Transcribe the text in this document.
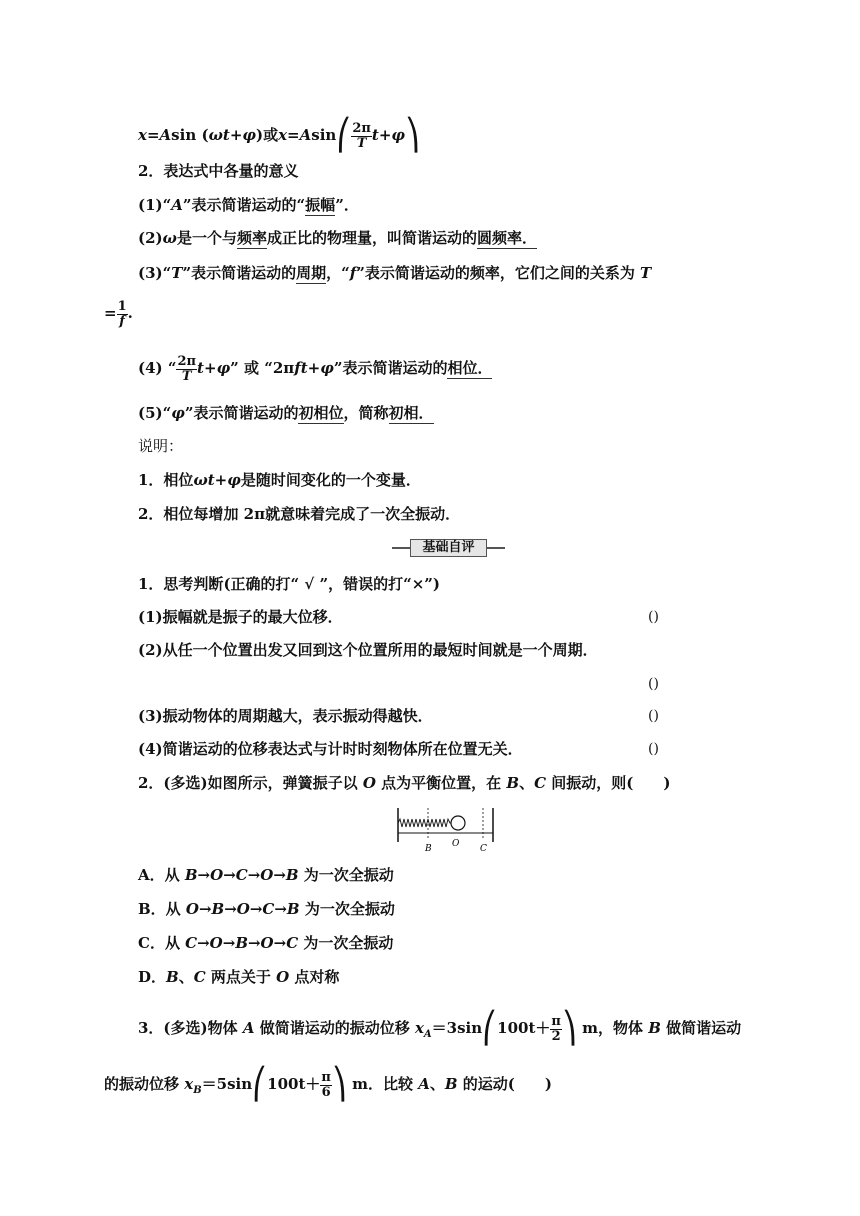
x=Asin (ωt+φ)或x=Asin⎛ $\frac{2\pi}{T}$ t+φ⎞
2．表达式中各量的意义
(1)“A”表示简谐运动的“振幅”．
(2)ω是一个与频率成正比的物理量，叫简谐运动的圆频率．
(3)“T”表示简谐运动的周期，“f”表示简谐运动的频率，它们之间的关系为 T
= $\frac{1}{f}$ .
(4) “ $\frac{2\pi}{T} t+\varphi$” 或 “2πft+φ”表示简谐运动的相位．
(5)“φ”表示简谐运动的初相位，简称初相．
说明：
1．相位ωt+φ是随时间变化的一个变量．
2．相位每增加 2π就意味着完成了一次全振动．
基础自评
1．思考判断(正确的打“ √ ”，错误的打“×”)
(1)振幅就是振子的最大位移．	()
(2)从任一个位置出发又回到这个位置所用的最短时间就是一个周期．
()
(3)振动物体的周期越大，表示振动得越快．	()
(4)简谐运动的位移表达式与计时时刻物体所在位置无关．	()
2．(多选)如图所示，弹簧振子以 O 点为平衡位置，在 B、C 间振动，则(　　)
B O C
A．从 B→O→C→O→B 为一次全振动
B．从 O→B→O→C→B 为一次全振动
C．从 C→O→B→O→C 为一次全振动
D．B、C 两点关于 O 点对称
3．(多选)物体 A 做简谐运动的振动位移 $x_A=3\sin⎛100t+ \frac{\pi}{2}$ ⎞ m，物体 B 做简谐运动
的振动位移 $x_B=5\sin⎛100t+ \frac{\pi}{6}$ ⎞ m．比较 A、B 的运动(　　)
